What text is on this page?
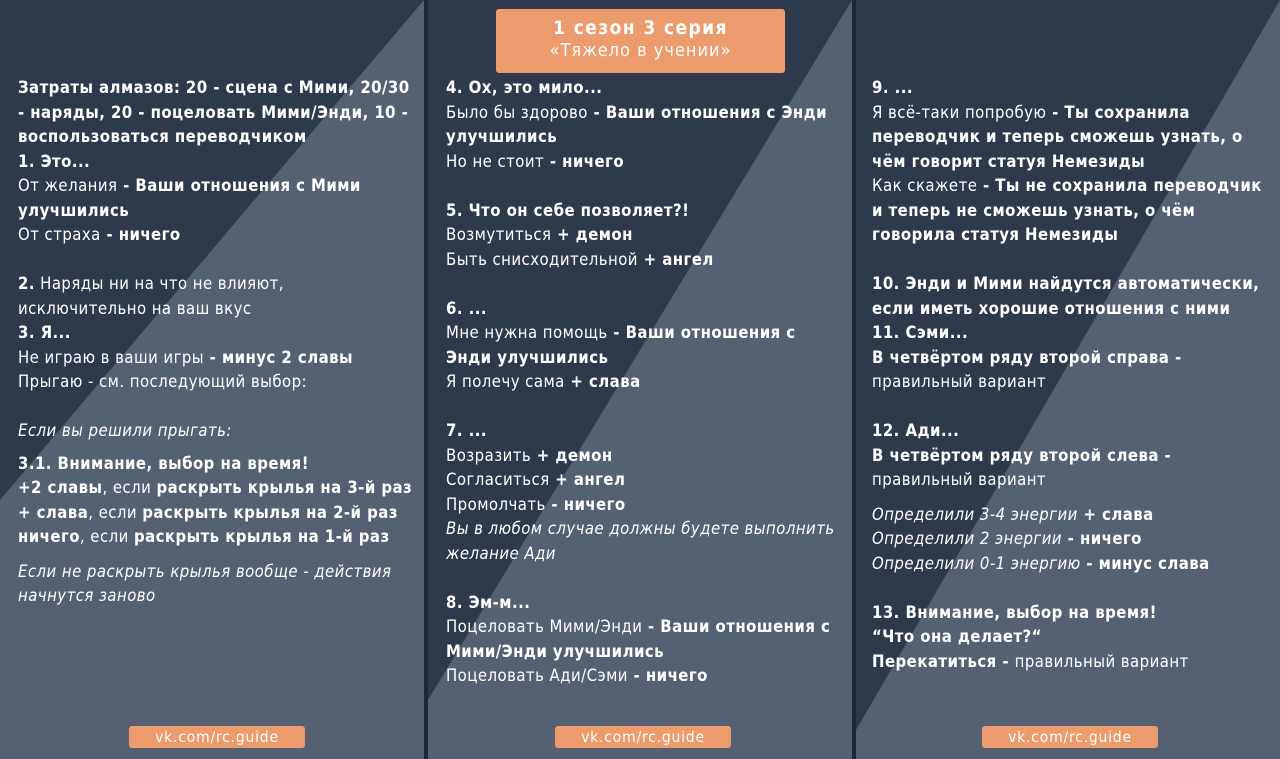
Затраты алмазов: 20 - сцена с Мими, 20/30 - наряды, 20 - поцеловать Мими/Энди, 10 - воспользоваться переводчиком

1. Это...

От желания - Ваши отношения с Мими улучшились

От страха - ничего

2. Наряды ни на что не влияют, исключительно на ваш вкус

3. Я...

Не играю в ваши игры - минус 2 славы

Прыгаю - см. последующий выбор:

Если вы решили прыгать:

3.1. Внимание, выбор на время!

+2 славы, если раскрыть крылья на 3-й раз

+ слава, если раскрыть крылья на 2-й раз

ничего, если раскрыть крылья на 1-й раз

Если не раскрыть крылья вообще - действия начнутся заново

4. Ох, это мило...

Было бы здорово - Ваши отношения с Энди улучшились

Но не стоит - ничего

5. Что он себе позволяет?!

Возмутиться + демон

Быть снисходительной + ангел

6. ...

Мне нужна помощь - Ваши отношения с Энди улучшились

Я полечу сама + слава

7. ...

Возразить + демон

Согласиться + ангел

Промолчать - ничего

Вы в любом случае должны будете выполнить желание Ади

8. Эм-м...

Поцеловать Мими/Энди - Ваши отношения с Мими/Энди улучшились

Поцеловать Ади/Сэми - ничего

9. ...

Я всё-таки попробую - Ты сохранила переводчик и теперь сможешь узнать, о чём говорит статуя Немезиды

Как скажете - Ты не сохранила переводчик и теперь не сможешь узнать, о чём говорила статуя Немезиды

10. Энди и Мими найдутся автоматически, если иметь хорошие отношения с ними

11. Сэми...

В четвёртом ряду второй справа - правильный вариант

12. Ади...

В четвёртом ряду второй слева - правильный вариант

Определили 3-4 энергии + слава

Определили 2 энергии - ничего

Определили 0-1 энергию - минус слава

13. Внимание, выбор на время!

“Что она делает?“

Перекатиться - правильный вариант

1 сезон 3 серия
«Тяжело в учении»
vk.com/rc.guide	vk.com/rc.guide	vk.com/rc.guide
